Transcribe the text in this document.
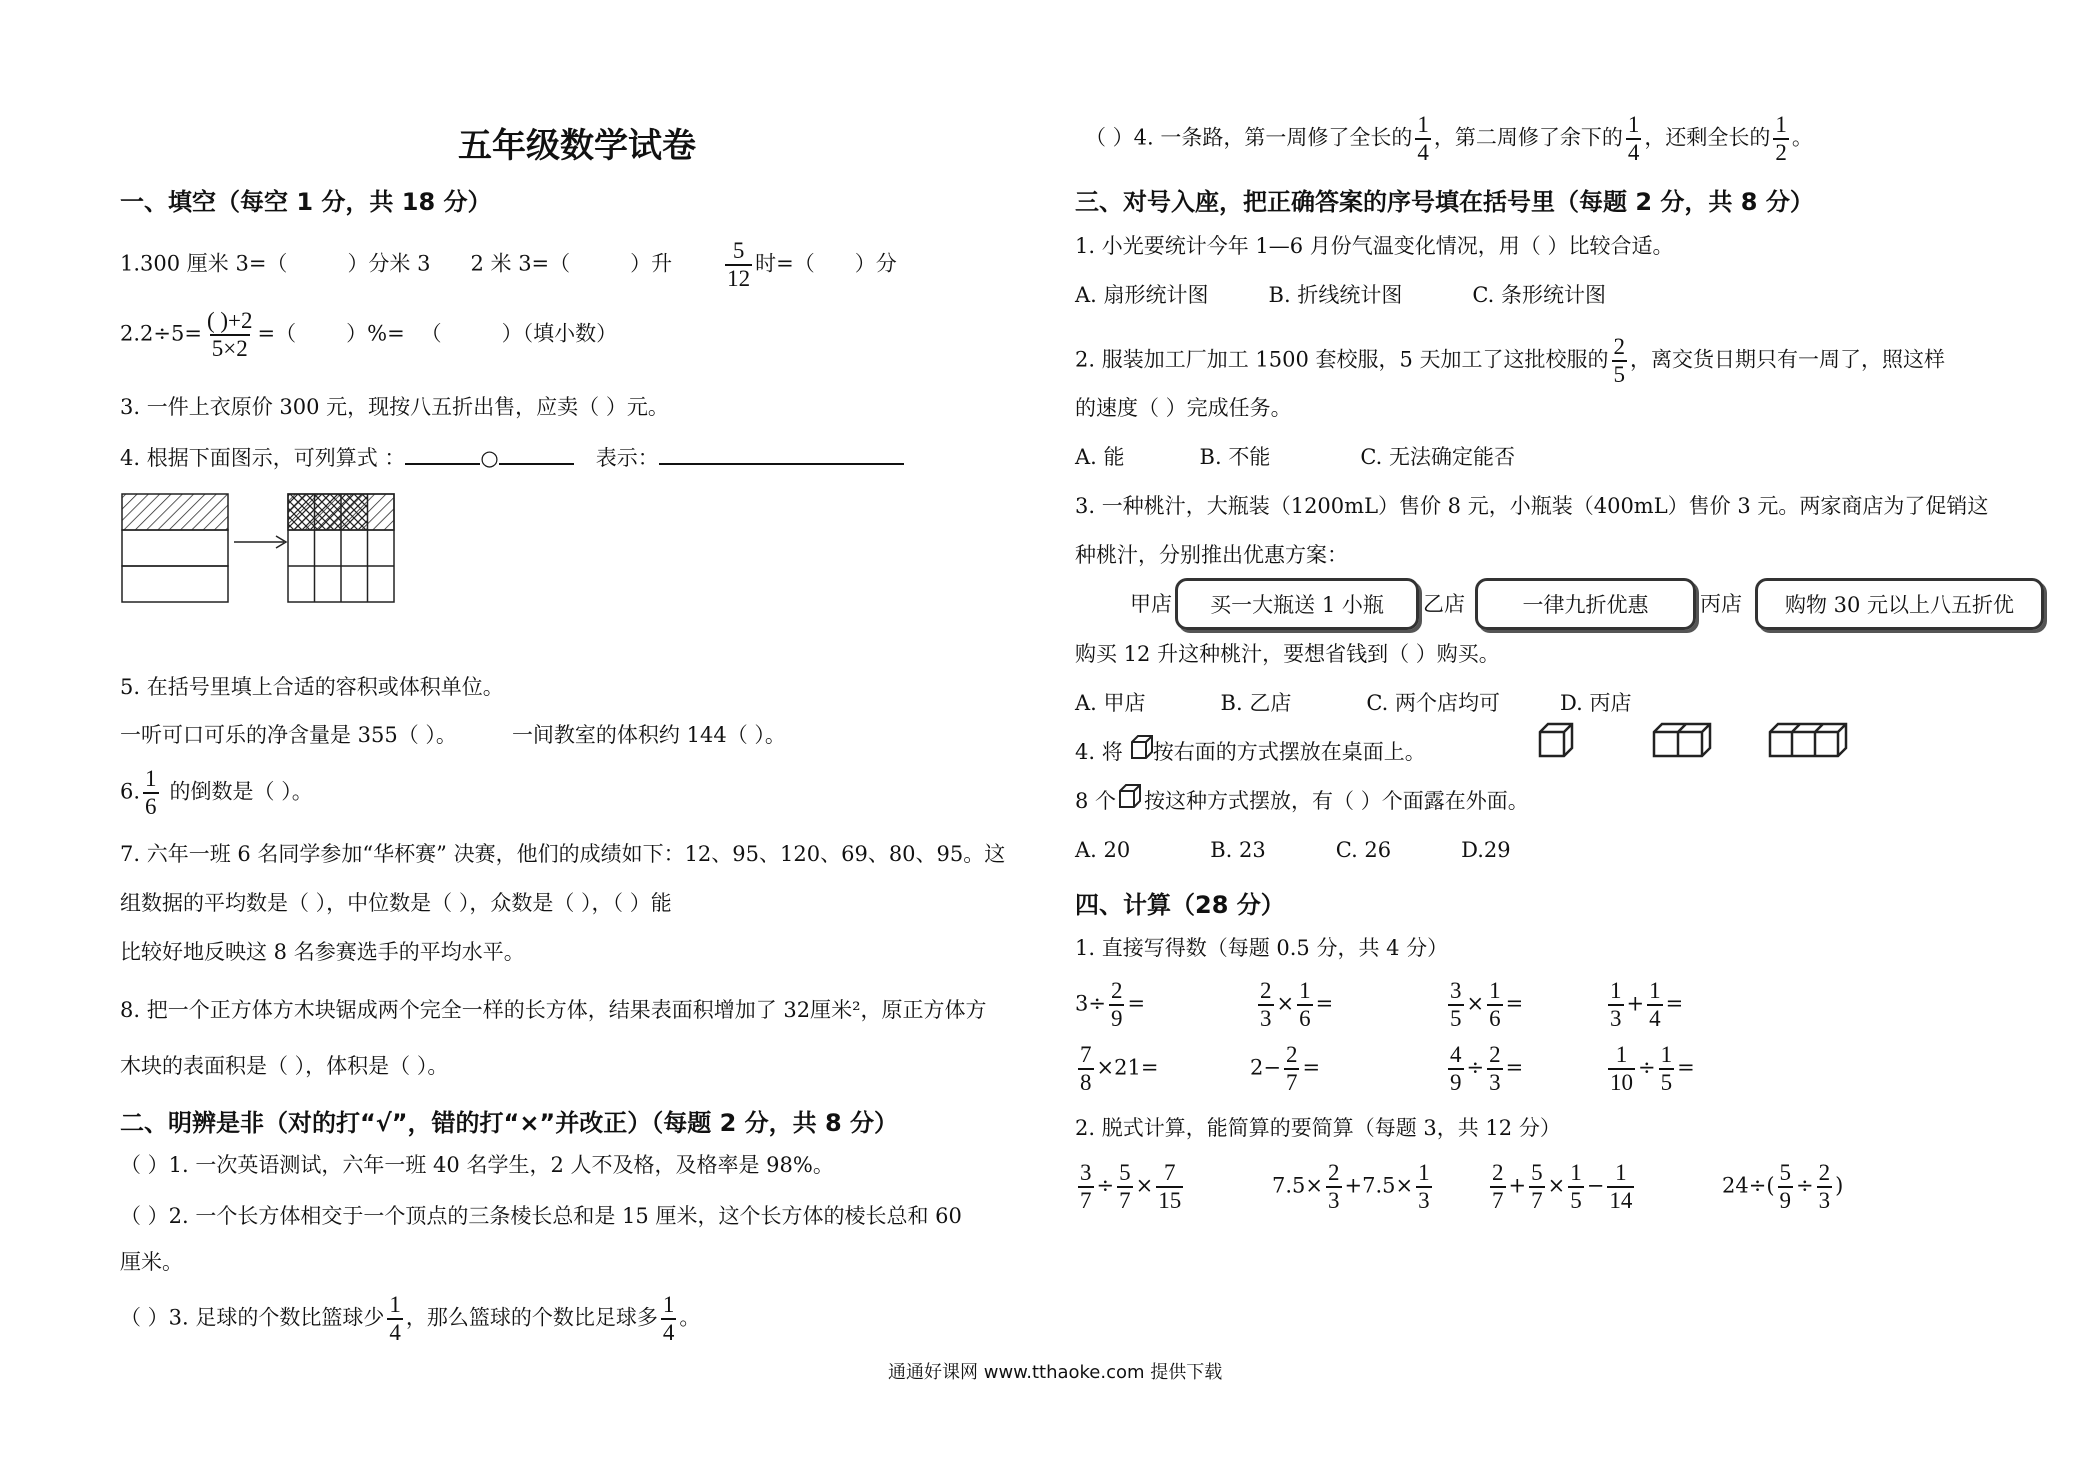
五年级数学试卷
一、填空（每空 1 分，共 18 分）
1.300 厘米 3=（	）分米 3 2 米 3=（	）升 $\frac{5}{12}$ 时=（ ）分
$2.2\div 5= \frac{( )+2}{5\times 2}$ =（ ）%= （	）（填小数）
3. 一件上衣原价 300 元，现按八五折出售，应卖（ ）元。
4. 根据下面图示，可列算式 ：	○	表示：
5. 在括号里填上合适的容积或体积单位。
一听可口可乐的净含量是 355（ ）。	一间教室的体积约 144（ ）。
6. $\frac{1}{6}$ 的倒数是（ ）。
7. 六年一班 6 名同学参加“华杯赛” 决赛，他们的成绩如下：12、95、120、69、80、95。这
组数据的平均数是（ ），中位数是（ ），众数是（ ），（ ）能
比较好地反映这 8 名参赛选手的平均水平。
8. 把一个正方体方木块锯成两个完全一样的长方体，结果表面积增加了 32厘米²，原正方体方
木块的表面积是（ ），体积是（ ）。
二、明辨是非（对的打“√”，错的打“×”并改正）（每题 2 分，共 8 分）
（ ）1. 一次英语测试，六年一班 40 名学生，2 人不及格，及格率是 98%。
（ ）2. 一个长方体相交于一个顶点的三条棱长总和是 15 厘米，这个长方体的棱长总和 60
厘米。
（ ）3. 足球的个数比篮球少 $\frac{1}{4}$ ，那么篮球的个数比足球多 $\frac{1}{4}$ 。
（ ）4. 一条路，第一周修了全长的 $\frac{1}{4}$ ，第二周修了余下的 $\frac{1}{4}$ ，还剩全长的 $\frac{1}{2}$ 。
三、对号入座，把正确答案的序号填在括号里（每题 2 分，共 8 分）
1. 小光要统计今年 1—6 月份气温变化情况，用（ ）比较合适。
A. 扇形统计图	B. 折线统计图	C. 条形统计图
2. 服装加工厂加工 1500 套校服，5 天加工了这批校服的 $\frac{2}{5}$ ，离交货日期只有一周了，照这样
的速度（ ）完成任务。
A. 能	B. 不能	C. 无法确定能否
3. 一种桃汁，大瓶装（1200mL）售价 8 元，小瓶装（400mL）售价 3 元。两家商店为了促销这
种桃汁，分别推出优惠方案：
甲店	买一大瓶送 1 小瓶	乙店	一律九折优惠	丙店	购物 30 元以上八五折优
购买 12 升这种桃汁，要想省钱到（ ）购买。
A. 甲店	B. 乙店	C. 两个店均可	D. 丙店
4. 将 按右面的方式摆放在桌面上。
8 个 按这种方式摆放，有（ ）个面露在外面。
A. 20	B. 23	C. 26	D.29
四、计算（28 分）
1. 直接写得数（每题 0.5 分，共 4 分）
$3\div \frac{2}{9}$ =	$\frac{2}{3} \times \frac{1}{6}$ =	$\frac{3}{5} \times \frac{1}{6}$ =	$\frac{1}{3} + \frac{1}{4}$ =
$\frac{7}{8} \times 21=$	$2- \frac{2}{7}$ =	$\frac{4}{9} \div \frac{2}{3}$ =	$\frac{1}{10} \div \frac{1}{5}$ =
2. 脱式计算，能简算的要简算（每题 3，共 12 分）
$\frac{3}{7} \div \frac{5}{7} \times \frac{7}{15}$	$7.5\times \frac{2}{3} +7.5\times \frac{1}{3}$	$\frac{2}{7} + \frac{5}{7} \times \frac{1}{5} - \frac{1}{14}$	$24\div( \frac{5}{9} \div \frac{2}{3}$ )
通通好课网 www.tthaoke.com 提供下载
